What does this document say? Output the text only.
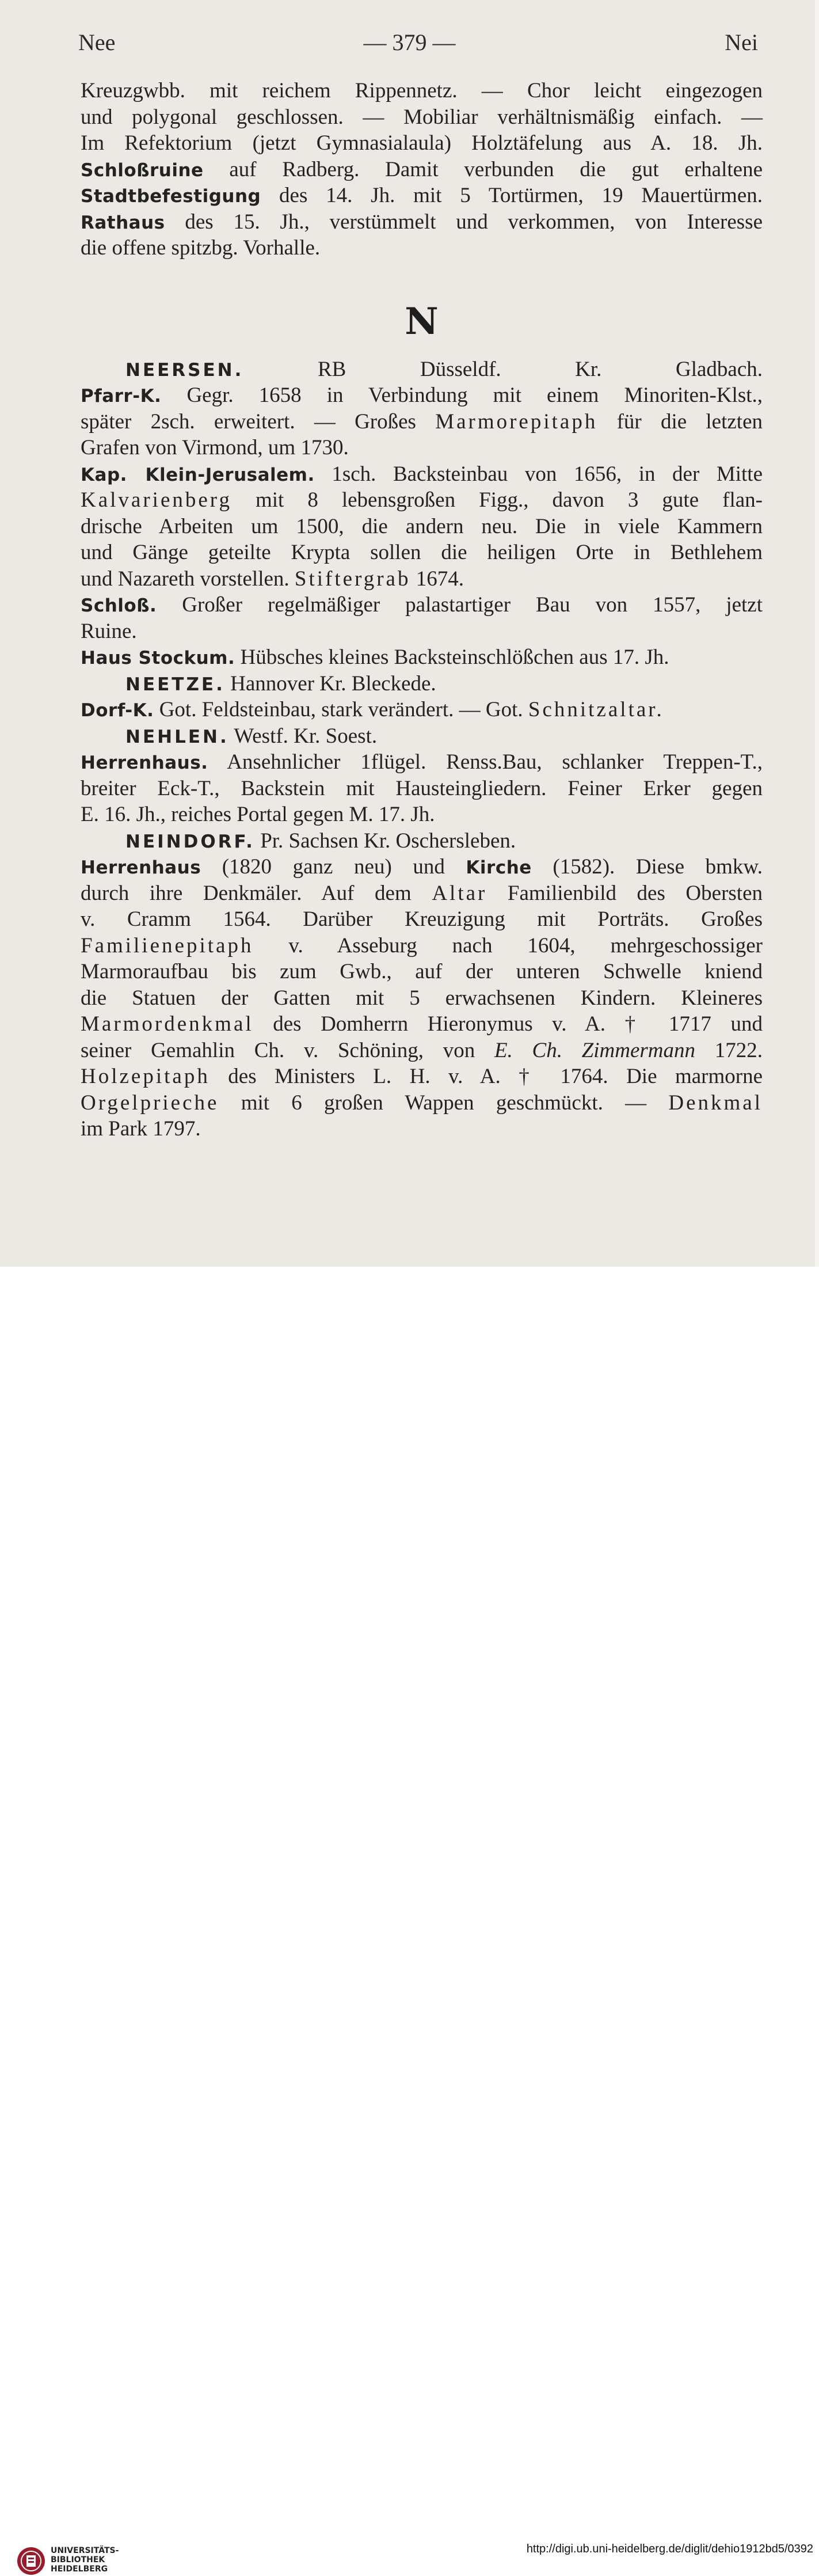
— 379 —
Nee	Nei
Kreuzgwbb. mit reichem Rippennetz. — Chor leicht eingezogen
und polygonal geschlossen. — Mobiliar verhältnismäßig einfach. —
Im Refektorium (jetzt Gymnasialaula) Holztäfelung aus A. 18. Jh.
Schloßruine auf Radberg. Damit verbunden die gut erhaltene
Stadtbefestigung des 14. Jh. mit 5 Tortürmen, 19 Mauertürmen.
Rathaus des 15. Jh., verstümmelt und verkommen, von Interesse
die offene spitzbg. Vorhalle.
N
NEERSEN. RB Düsseldf. Kr. Gladbach.
Pfarr-K. Gegr. 1658 in Verbindung mit einem Minoriten-Klst.,
später 2sch. erweitert. — Großes Marmorepitaph für die letzten
Grafen von Virmond, um 1730.
Kap. Klein-Jerusalem. 1sch. Backsteinbau von 1656, in der Mitte
Kalvarienberg mit 8 lebensgroßen Figg., davon 3 gute flan-
drische Arbeiten um 1500, die andern neu. Die in viele Kammern
und Gänge geteilte Krypta sollen die heiligen Orte in Bethlehem
und Nazareth vorstellen. Stiftergrab 1674.
Schloß. Großer regelmäßiger palastartiger Bau von 1557, jetzt
Ruine.
Haus Stockum. Hübsches kleines Backsteinschlößchen aus 17. Jh.
NEETZE. Hannover Kr. Bleckede.
Dorf-K. Got. Feldsteinbau, stark verändert. — Got. Schnitzaltar.
NEHLEN. Westf. Kr. Soest.
Herrenhaus. Ansehnlicher 1flügel. Renss.Bau, schlanker Treppen-T.,
breiter Eck-T., Backstein mit Hausteingliedern. Feiner Erker gegen
E. 16. Jh., reiches Portal gegen M. 17. Jh.
NEINDORF. Pr. Sachsen Kr. Oschersleben.
Herrenhaus (1820 ganz neu) und Kirche (1582). Diese bmkw.
durch ihre Denkmäler. Auf dem Altar Familienbild des Obersten
v. Cramm 1564. Darüber Kreuzigung mit Porträts. Großes
Familienepitaph v. Asseburg nach 1604, mehrgeschossiger
Marmoraufbau bis zum Gwb., auf der unteren Schwelle kniend
die Statuen der Gatten mit 5 erwachsenen Kindern. Kleineres
Marmordenkmal des Domherrn Hieronymus v. A. † 1717 und
seiner Gemahlin Ch. v. Schöning, von E. Ch. Zimmermann 1722.
Holzepitaph des Ministers L. H. v. A. † 1764. Die marmorne
Orgelprieche mit 6 großen Wappen geschmückt. — Denkmal
im Park 1797.
UNIVERSITÄTS-
BIBLIOTHEK
HEIDELBERG
http://digi.ub.uni-heidelberg.de/diglit/dehio1912bd5/0392
